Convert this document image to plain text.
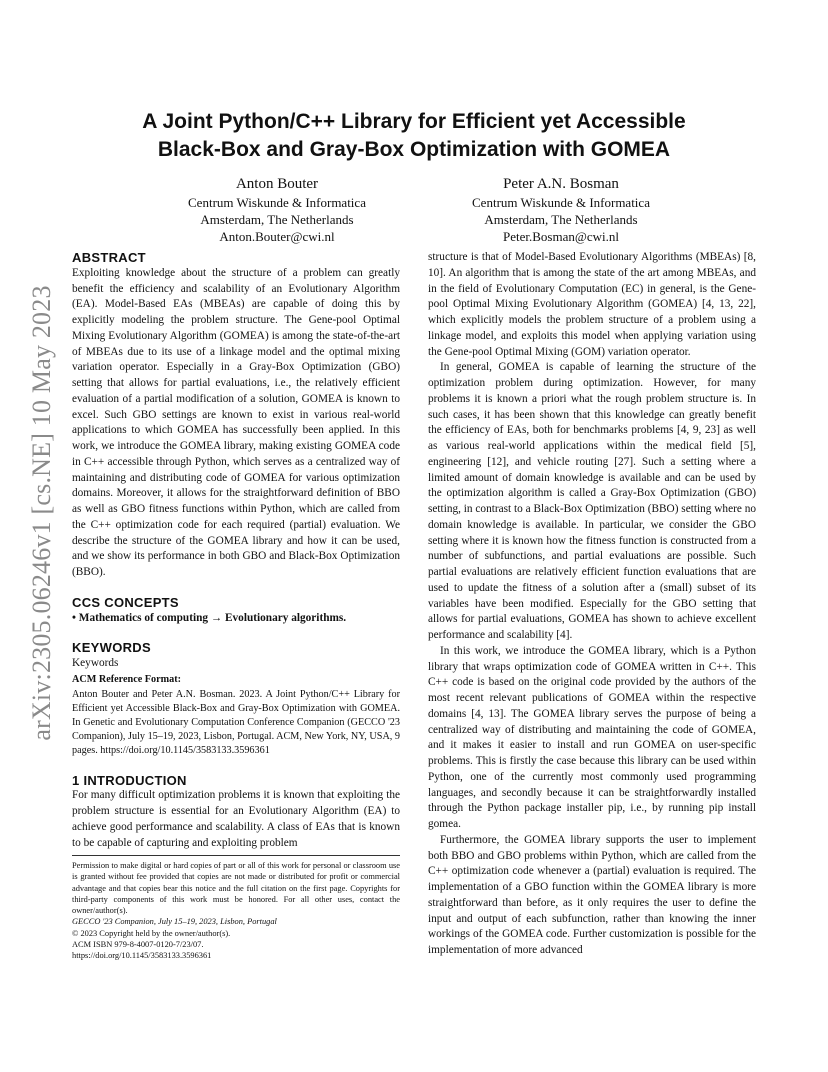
arXiv:2305.06246v1 [cs.NE] 10 May 2023
A Joint Python/C++ Library for Efficient yet Accessible
Black-Box and Gray-Box Optimization with GOMEA
Anton Bouter
Centrum Wiskunde & Informatica
Amsterdam, The Netherlands
Anton.Bouter@cwi.nl
Peter A.N. Bosman
Centrum Wiskunde & Informatica
Amsterdam, The Netherlands
Peter.Bosman@cwi.nl
ABSTRACT

Exploiting knowledge about the structure of a problem can greatly benefit the efficiency and scalability of an Evolutionary Algorithm (EA). Model-Based EAs (MBEAs) are capable of doing this by explicitly modeling the problem structure. The Gene-pool Optimal Mixing Evolutionary Algorithm (GOMEA) is among the state-of-the-art of MBEAs due to its use of a linkage model and the optimal mixing variation operator. Especially in a Gray-Box Optimization (GBO) setting that allows for partial evaluations, i.e., the relatively efficient evaluation of a partial modification of a solution, GOMEA is known to excel. Such GBO settings are known to exist in various real-world applications to which GOMEA has successfully been applied. In this work, we introduce the GOMEA library, making existing GOMEA code in C++ accessible through Python, which serves as a centralized way of maintaining and distributing code of GOMEA for various optimization domains. Moreover, it allows for the straightforward definition of BBO as well as GBO fitness functions within Python, which are called from the C++ optimization code for each required (partial) evaluation. We describe the structure of the GOMEA library and how it can be used, and we show its performance in both GBO and Black-Box Optimization (BBO).

CCS CONCEPTS

• Mathematics of computing → Evolutionary algorithms.

KEYWORDS

Keywords

ACM Reference Format:

Anton Bouter and Peter A.N. Bosman. 2023. A Joint Python/C++ Library for Efficient yet Accessible Black-Box and Gray-Box Optimization with GOMEA. In Genetic and Evolutionary Computation Conference Companion (GECCO '23 Companion), July 15–19, 2023, Lisbon, Portugal. ACM, New York, NY, USA, 9 pages. https://doi.org/10.1145/3583133.3596361

1 INTRODUCTION

For many difficult optimization problems it is known that exploiting the problem structure is essential for an Evolutionary Algorithm (EA) to achieve good performance and scalability. A class of EAs that is known to be capable of capturing and exploiting problem

Permission to make digital or hard copies of part or all of this work for personal or classroom use is granted without fee provided that copies are not made or distributed for profit or commercial advantage and that copies bear this notice and the full citation on the first page. Copyrights for third-party components of this work must be honored. For all other uses, contact the owner/author(s).

GECCO '23 Companion, July 15–19, 2023, Lisbon, Portugal

© 2023 Copyright held by the owner/author(s).

ACM ISBN 979-8-4007-0120-7/23/07.

https://doi.org/10.1145/3583133.3596361

structure is that of Model-Based Evolutionary Algorithms (MBEAs) [8, 10]. An algorithm that is among the state of the art among MBEAs, and in the field of Evolutionary Computation (EC) in general, is the Gene-pool Optimal Mixing Evolutionary Algorithm (GOMEA) [4, 13, 22], which explicitly models the problem structure of a problem using a linkage model, and exploits this model when applying variation using the Gene-pool Optimal Mixing (GOM) variation operator.

In general, GOMEA is capable of learning the structure of the optimization problem during optimization. However, for many problems it is known a priori what the rough problem structure is. In such cases, it has been shown that this knowledge can greatly benefit the efficiency of EAs, both for benchmarks problems [4, 9, 23] as well as various real-world applications within the medical field [5], engineering [12], and vehicle routing [27]. Such a setting where a limited amount of domain knowledge is available and can be used by the optimization algorithm is called a Gray-Box Optimization (GBO) setting, in contrast to a Black-Box Optimization (BBO) setting where no domain knowledge is available. In particular, we consider the GBO setting where it is known how the fitness function is constructed from a number of subfunctions, and partial evaluations are possible. Such partial evaluations are relatively efficient function evaluations that are used to update the fitness of a solution after a (small) subset of its variables have been modified. Especially for the GBO setting that allows for partial evaluations, GOMEA has shown to achieve excellent performance and scalability [4].

In this work, we introduce the GOMEA library, which is a Python library that wraps optimization code of GOMEA written in C++. This C++ code is based on the original code provided by the authors of the most recent relevant publications of GOMEA within the respective domains [4, 13]. The GOMEA library serves the purpose of being a centralized way of distributing and maintaining the code of GOMEA, and it makes it easier to install and run GOMEA on user-specific problems. This is firstly the case because this library can be used within Python, one of the currently most commonly used programming languages, and secondly because it can be straightforwardly installed through the Python package installer pip, i.e., by running pip install gomea.

Furthermore, the GOMEA library supports the user to implement both BBO and GBO problems within Python, which are called from the C++ optimization code whenever a (partial) evaluation is required. The implementation of a GBO function within the GOMEA library is more straightforward than before, as it only requires the user to define the input and output of each subfunction, rather than knowing the inner workings of the GOMEA code. Further customization is possible for the implementation of more advanced
